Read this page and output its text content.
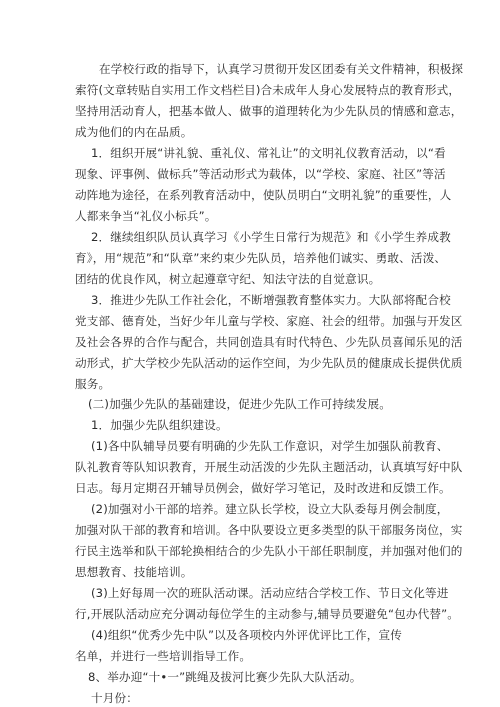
在学校行政的指导下，认真学习贯彻开发区团委有关文件精神，积极探
索符(文章转贴自实用工作文档栏目)合未成年人身心发展特点的教育形式，
坚持用活动育人，把基本做人、做事的道理转化为少先队员的情感和意志，
成为他们的内在品质。
1．组织开展“讲礼貌、重礼仪、常礼让”的文明礼仪教育活动，以“看
现象、评事例、做标兵”等活动形式为载体，以“学校、家庭、社区”等活
动阵地为途径，在系列教育活动中，使队员明白“文明礼貌”的重要性，人
人都来争当“礼仪小标兵”。
2．继续组织队员认真学习《小学生日常行为规范》和《小学生养成教
育》，用“规范”和“队章”来约束少先队员，培养他们诚实、勇敢、活泼、
团结的优良作风，树立起遵章守纪、知法守法的自觉意识。
3．推进少先队工作社会化，不断增强教育整体实力。大队部将配合校
党支部、德育处，当好少年儿童与学校、家庭、社会的纽带。加强与开发区
及社会各界的合作与配合，共同创造具有时代特色、少先队员喜闻乐见的活
动形式，扩大学校少先队活动的运作空间，为少先队员的健康成长提供优质
服务。
(二)加强少先队的基础建设，促进少先队工作可持续发展。
1．加强少先队组织建设。
(1)各中队辅导员要有明确的少先队工作意识，对学生加强队前教育、
队礼教育等队知识教育，开展生动活泼的少先队主题活动，认真填写好中队
日志。每月定期召开辅导员例会，做好学习笔记，及时改进和反馈工作。
(2)加强对小干部的培养。建立队长学校，设立大队委每月例会制度，
加强对队干部的教育和培训。各中队要设立更多类型的队干部服务岗位，实
行民主选举和队干部轮换相结合的少先队小干部任职制度，并加强对他们的
思想教育、技能培训。
(3)上好每周一次的班队活动课。活动应结合学校工作、节日文化等进
行,开展队活动应充分调动每位学生的主动参与,辅导员要避免“包办代替”。
(4)组织“优秀少先中队”以及各项校内外评优评比工作，宣传
名单，并进行一些培训指导工作。
8、举办迎“十•一”跳绳及拔河比赛少先队大队活动。
十月份：
